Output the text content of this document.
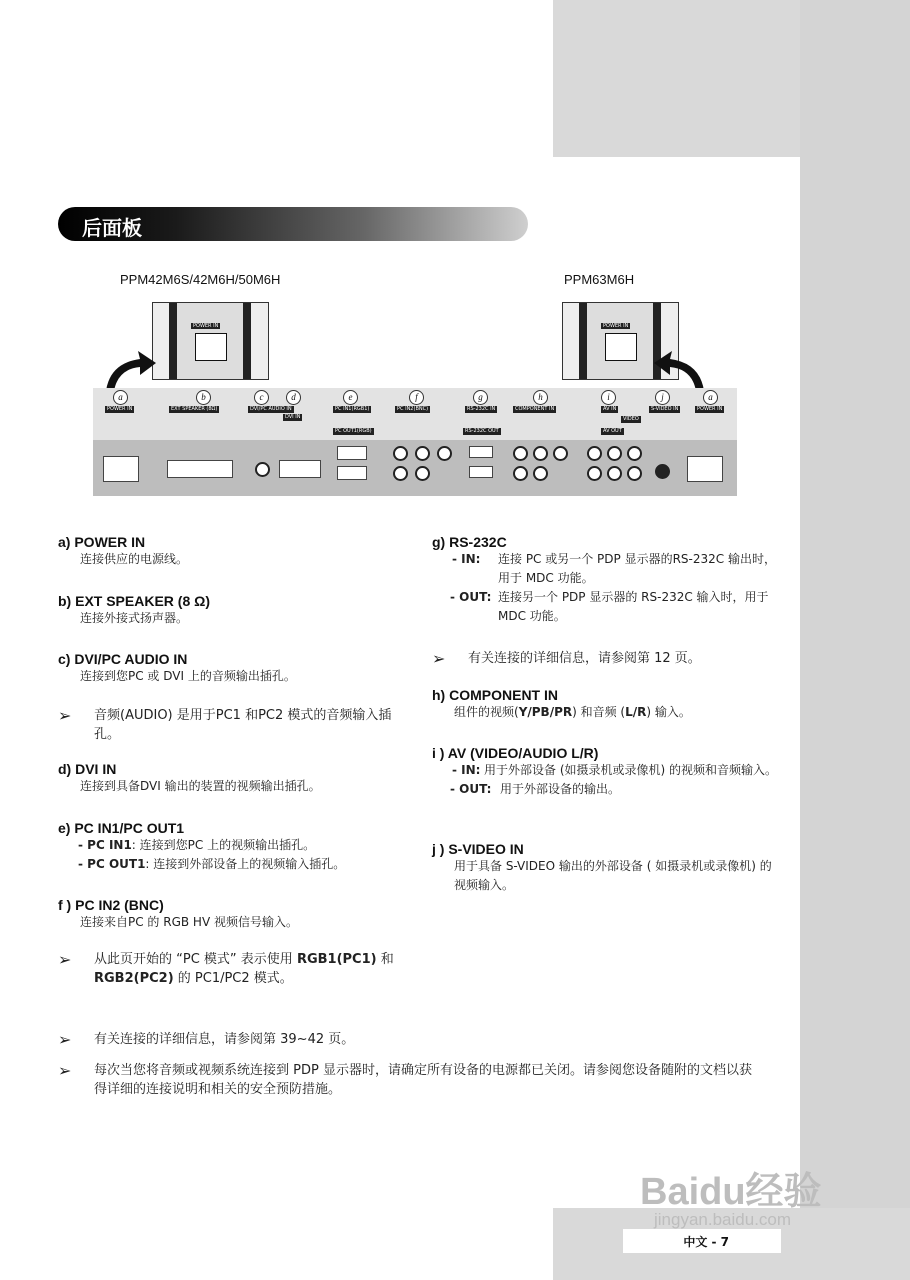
后面板
PPM42M6S/42M6H/50M6H	PPM63M6H
POWER IN	POWER IN
a	b	c	d	e	f	g	h	i	j	a
POWER IN	EXT SPEAKER (8Ω)	DVI/PC AUDIO IN
DVI IN
PC IN1(RGB1)
PC OUT1(RGB)
PC IN2(BNC)	RS-232C IN
RS-232C OUT
COMPONENT IN	AV IN
VIDEO
AV OUT
S-VIDEO IN	POWER IN
a) POWER IN
连接供应的电源线。
b) EXT SPEAKER (8 Ω)
连接外接式扬声器。
c) DVI/PC AUDIO IN
连接到您PC 或 DVI 上的音频输出插孔。
➢ 音频(AUDIO) 是用于PC1 和PC2 模式的音频输入插孔。
d) DVI IN
连接到具备DVI 输出的装置的视频输出插孔。
e) PC IN1/PC OUT1
- PC IN1: 连接到您PC 上的视频输出插孔。
- PC OUT1: 连接到外部设备上的视频输入插孔。
f ) PC IN2 (BNC)
连接来自PC 的 RGB HV 视频信号输入。
➢ 从此页开始的 “PC 模式” 表示使用 RGB1(PC1) 和 RGB2(PC2) 的 PC1/PC2 模式。
g) RS-232C
- IN: 连接 PC 或另一个 PDP 显示器的RS-232C 输出时，用于 MDC 功能。
- OUT: 连接另一个 PDP 显示器的 RS-232C 输入时，用于MDC 功能。
➢ 有关连接的详细信息，请参阅第 12 页。
h) COMPONENT IN
组件的视频(Y/PB/PR) 和音频 (L/R) 输入。
i ) AV (VIDEO/AUDIO L/R)
- IN: 用于外部设备 (如摄录机或录像机) 的视频和音频输入。
- OUT: 用于外部设备的输出。
j ) S-VIDEO IN
用于具备 S-VIDEO 输出的外部设备 ( 如摄录机或录像机) 的视频输入。
➢ 有关连接的详细信息，请参阅第 39~42 页。
➢ 每次当您将音频或视频系统连接到 PDP 显示器时，请确定所有设备的电源都已关闭。请参阅您设备随附的文档以获得详细的连接说明和相关的安全预防措施。
Baidu经验
jingyan.baidu.com
中文 - 7
